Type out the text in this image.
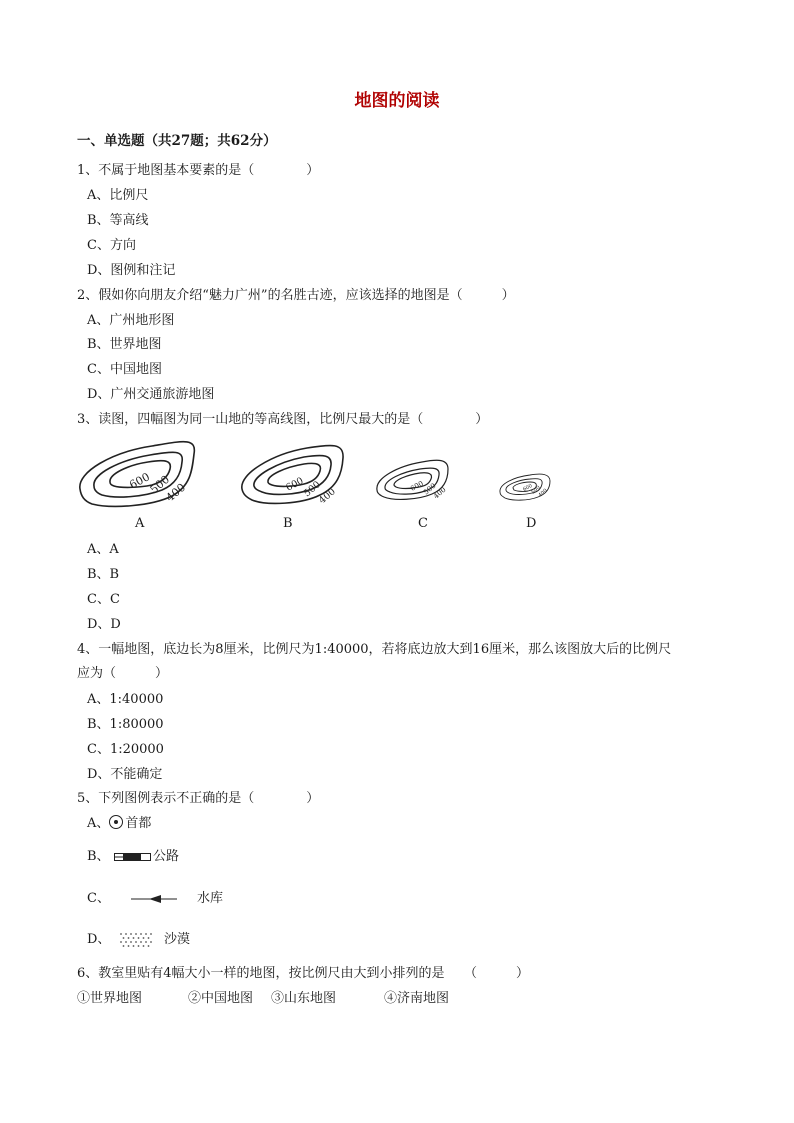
地图的阅读
一、单选题（共27题；共62分）
1、不属于地图基本要素的是（　　　　）
A、比例尺
B、等高线
C、方向
D、图例和注记
2、假如你向朋友介绍“魅力广州”的名胜古迹，应该选择的地图是（　　　）
A、广州地形图
B、世界地图
C、中国地图
D、广州交通旅游地图
3、读图，四幅图为同一山地的等高线图，比例尺最大的是（　　　　）
600
500
400	600
500
400
600
500
400	600
500
400
A	B	C	D
A、A
B、B
C、C
D、D
4、一幅地图，底边长为8厘米，比例尺为1:40000，若将底边放大到16厘米，那么该图放大后的比例尺
应为（　　　）
A、1:40000
B、1:80000
C、1:20000
D、不能确定
5、下列图例表示不正确的是（　　　　）
A、 首都
B、	公路
C、	水库
D、	沙漠
6、教室里贴有4幅大小一样的地图，按比例尺由大到小排列的是　　（　　　）
①世界地图	②中国地图 ③山东地图	④济南地图
